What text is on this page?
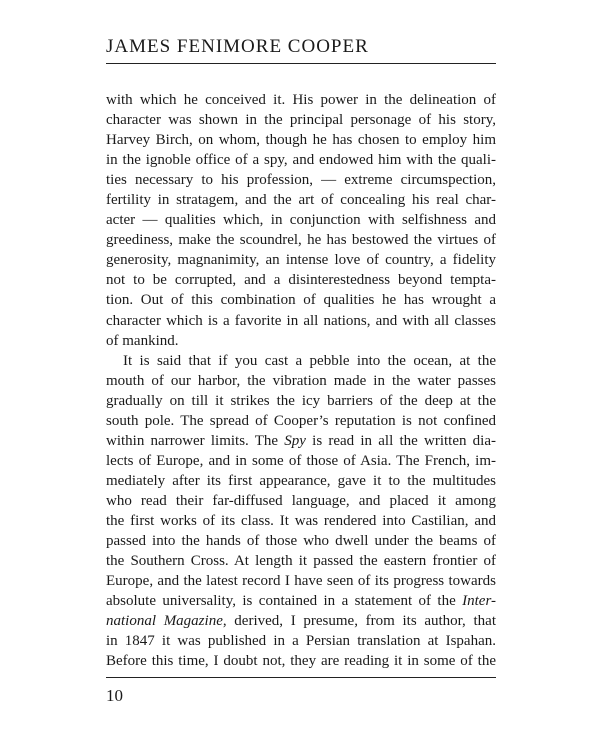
JAMES FENIMORE COOPER
with which he conceived it. His power in the delineation of
character was shown in the principal personage of his story,
Harvey Birch, on whom, though he has chosen to employ him
in the ignoble office of a spy, and endowed him with the quali-
ties necessary to his profession, — extreme circumspection,
fertility in stratagem, and the art of concealing his real char-
acter — qualities which, in conjunction with selfishness and
greediness, make the scoundrel, he has bestowed the virtues of
generosity, magnanimity, an intense love of country, a fidelity
not to be corrupted, and a disinterestedness beyond tempta-
tion. Out of this combination of qualities he has wrought a
character which is a favorite in all nations, and with all classes
of mankind.
It is said that if you cast a pebble into the ocean, at the
mouth of our harbor, the vibration made in the water passes
gradually on till it strikes the icy barriers of the deep at the
south pole. The spread of Cooper’s reputation is not confined
within narrower limits. The Spy is read in all the written dia-
lects of Europe, and in some of those of Asia. The French, im-
mediately after its first appearance, gave it to the multitudes
who read their far-diffused language, and placed it among
the first works of its class. It was rendered into Castilian, and
passed into the hands of those who dwell under the beams of
the Southern Cross. At length it passed the eastern frontier of
Europe, and the latest record I have seen of its progress towards
absolute universality, is contained in a statement of the Inter-
national Magazine, derived, I presume, from its author, that
in 1847 it was published in a Persian translation at Ispahan.
Before this time, I doubt not, they are reading it in some of the
10
